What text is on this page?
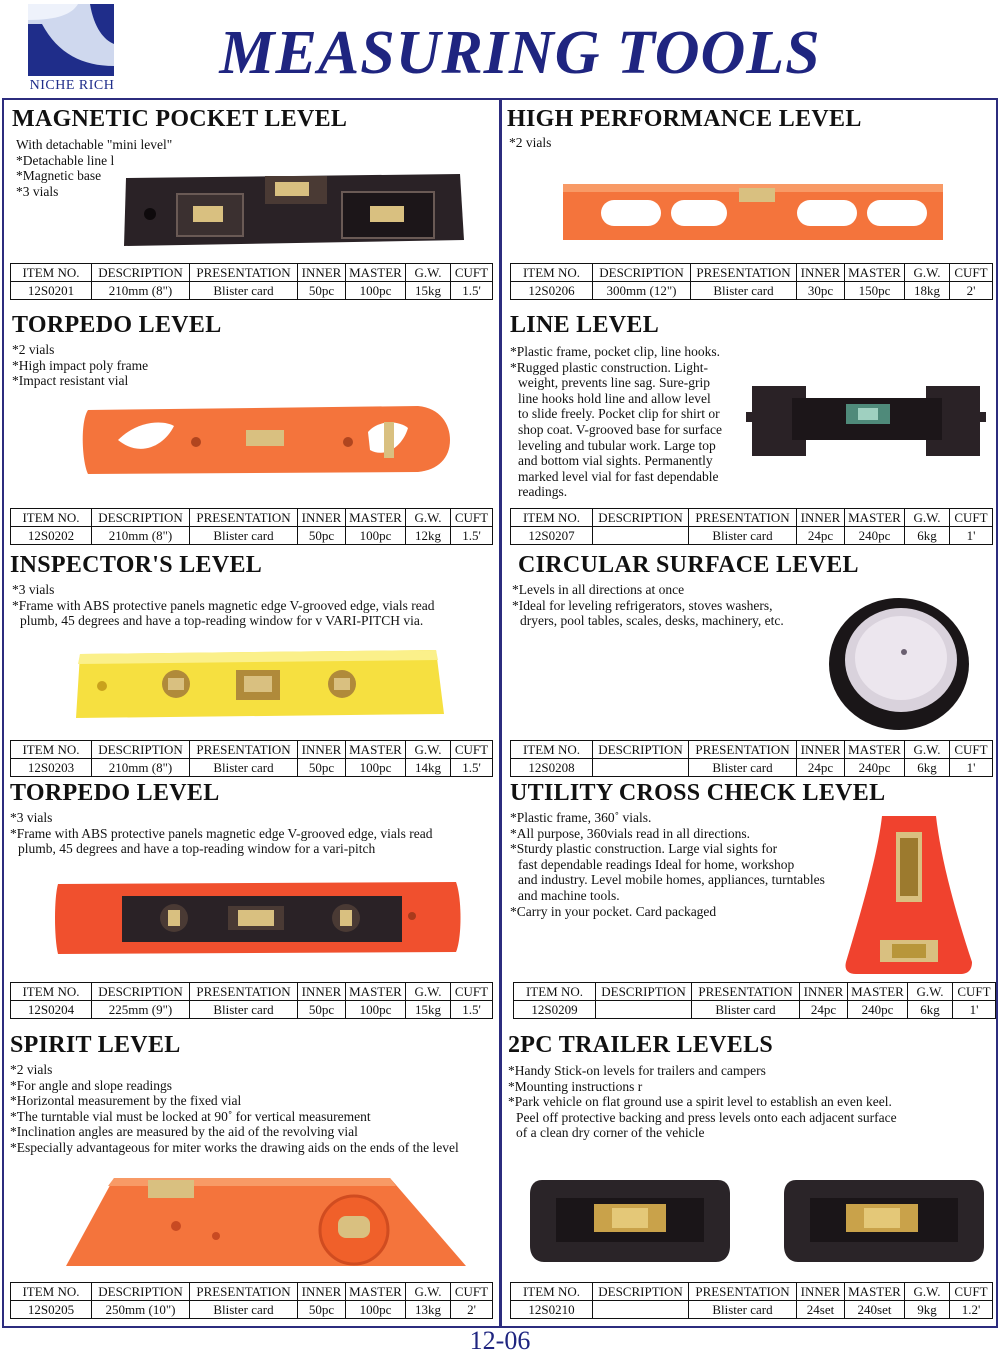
NICHE RICH	MEASURING TOOLS
MAGNETIC POCKET LEVEL
With detachable "mini level"
*Detachable line l
*Magnetic base
*3 vials
ITEM NO.	DESCRIPTION	PRESENTATION	INNER	MASTER	G.W.	CUFT
12S0201	210mm (8")	Blister card	50pc	100pc	15kg	1.5'
HIGH PERFORMANCE LEVEL
*2 vials
ITEM NO.	DESCRIPTION	PRESENTATION	INNER	MASTER	G.W.	CUFT
12S0206	300mm (12")	Blister card	30pc	150pc	18kg	2'
TORPEDO LEVEL
*2 vials
*High impact poly frame
*Impact resistant vial
ITEM NO.	DESCRIPTION	PRESENTATION	INNER	MASTER	G.W.	CUFT
12S0202	210mm (8")	Blister card	50pc	100pc	12kg	1.5'
LINE LEVEL
*Plastic frame, pocket clip, line hooks.
*Rugged plastic construction. Light-
weight, prevents line sag. Sure-grip
line hooks hold line and allow level
to slide freely. Pocket clip for shirt or
shop coat. V-grooved base for surface
leveling and tubular work. Large top
and bottom vial sights. Permanently
marked level vial for fast dependable
readings.
ITEM NO.	DESCRIPTION	PRESENTATION	INNER	MASTER	G.W.	CUFT
12S0207		Blister card	24pc	240pc	6kg	1'
INSPECTOR'S LEVEL
*3 vials
*Frame with ABS protective panels magnetic edge V-grooved edge, vials read
plumb, 45 degrees and have a top-reading window for v VARI-PITCH via.
ITEM NO.	DESCRIPTION	PRESENTATION	INNER	MASTER	G.W.	CUFT
12S0203	210mm (8")	Blister card	50pc	100pc	14kg	1.5'
CIRCULAR SURFACE LEVEL
*Levels in all directions at once
*Ideal for leveling refrigerators, stoves washers,
dryers, pool tables, scales, desks, machinery, etc.
ITEM NO.	DESCRIPTION	PRESENTATION	INNER	MASTER	G.W.	CUFT
12S0208		Blister card	24pc	240pc	6kg	1'
TORPEDO LEVEL
*3 vials
*Frame with ABS protective panels magnetic edge V-grooved edge, vials read
plumb, 45 degrees and have a top-reading window for a vari-pitch
ITEM NO.	DESCRIPTION	PRESENTATION	INNER	MASTER	G.W.	CUFT
12S0204	225mm (9")	Blister card	50pc	100pc	15kg	1.5'
UTILITY CROSS CHECK LEVEL
*Plastic frame, 360˚ vials.
*All purpose, 360vials read in all directions.
*Sturdy plastic construction. Large vial sights for
fast dependable readings Ideal for home, workshop
and industry. Level mobile homes, appliances, turntables
and machine tools.
*Carry in your pocket. Card packaged
ITEM NO.	DESCRIPTION	PRESENTATION	INNER	MASTER	G.W.	CUFT
12S0209		Blister card	24pc	240pc	6kg	1'
SPIRIT LEVEL
*2 vials
*For angle and slope readings
*Horizontal measurement by the fixed vial
*The turntable vial must be locked at 90˚ for vertical measurement
*Inclination angles are measured by the aid of the revolving vial
*Especially advantageous for miter works the drawing aids on the ends of the level
ITEM NO.	DESCRIPTION	PRESENTATION	INNER	MASTER	G.W.	CUFT
12S0205	250mm (10")	Blister card	50pc	100pc	13kg	2'
2PC TRAILER LEVELS
*Handy Stick-on levels for trailers and campers
*Mounting instructions r
*Park vehicle on flat ground use a spirit level to establish an even keel.
Peel off protective backing and press levels onto each adjacent surface
of a clean dry corner of the vehicle
ITEM NO.	DESCRIPTION	PRESENTATION	INNER	MASTER	G.W.	CUFT
12S0210		Blister card	24set	240set	9kg	1.2'
12-06
